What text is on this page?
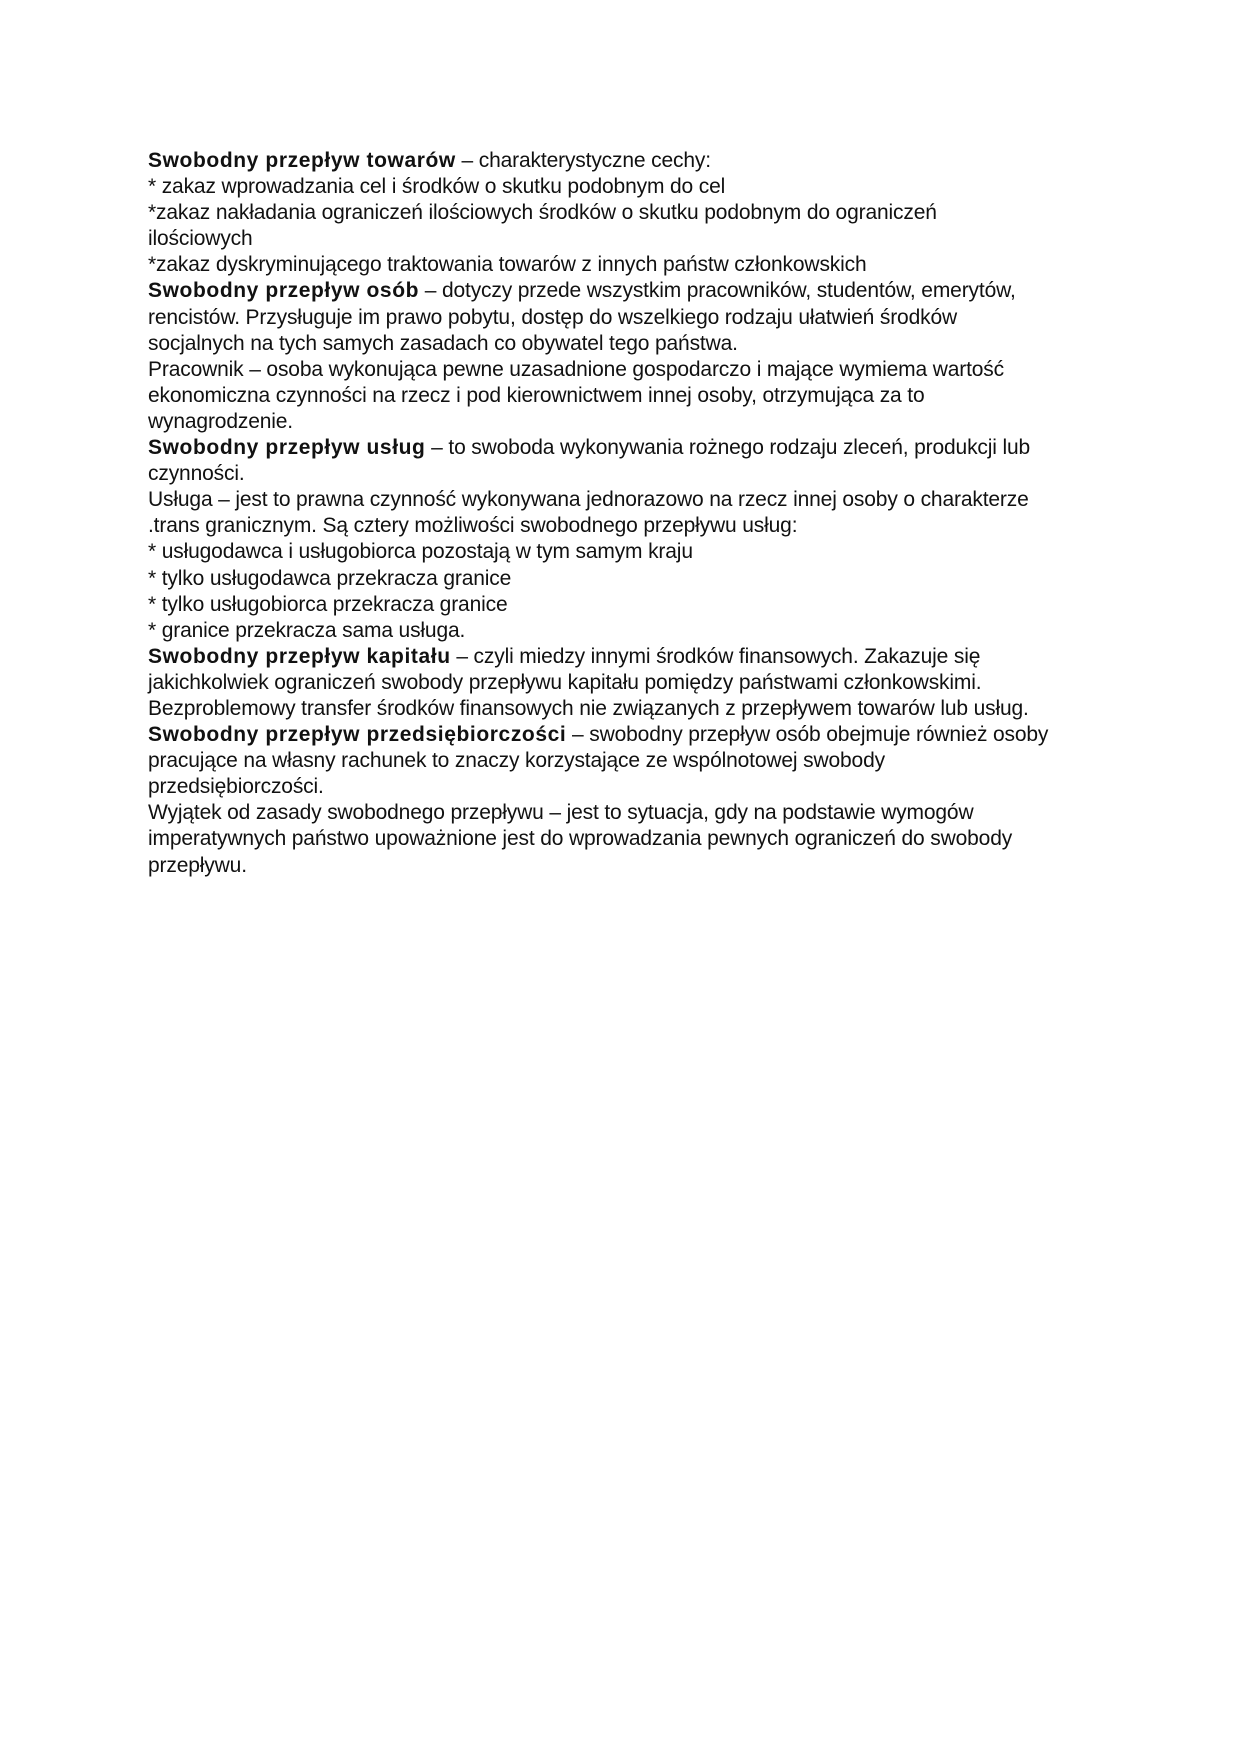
Swobodny przepływ towarów – charakterystyczne cechy:
* zakaz wprowadzania cel i środków o skutku podobnym do cel
*zakaz nakładania ograniczeń ilościowych środków o skutku podobnym do ograniczeń
ilościowych
*zakaz dyskryminującego traktowania towarów z innych państw członkowskich
Swobodny przepływ osób – dotyczy przede wszystkim pracowników, studentów, emerytów,
rencistów. Przysługuje im prawo pobytu, dostęp do wszelkiego rodzaju ułatwień środków
socjalnych na tych samych zasadach co obywatel tego państwa.
Pracownik – osoba wykonująca pewne uzasadnione gospodarczo i mające wymiema wartość
ekonomiczna czynności na rzecz i pod kierownictwem innej osoby, otrzymująca za to
wynagrodzenie.
Swobodny przepływ usług – to swoboda wykonywania rożnego rodzaju zleceń, produkcji lub
czynności.
Usługa – jest to prawna czynność wykonywana jednorazowo na rzecz innej osoby o charakterze
.trans granicznym. Są cztery możliwości swobodnego przepływu usług:
* usługodawca i usługobiorca pozostają w tym samym kraju
* tylko usługodawca przekracza granice
* tylko usługobiorca przekracza granice
* granice przekracza sama usługa.
Swobodny przepływ kapitału – czyli miedzy innymi środków finansowych. Zakazuje się
jakichkolwiek ograniczeń swobody przepływu kapitału pomiędzy państwami członkowskimi.
Bezproblemowy transfer środków finansowych nie związanych z przepływem towarów lub usług.
Swobodny przepływ przedsiębiorczości – swobodny przepływ osób obejmuje również osoby
pracujące na własny rachunek to znaczy korzystające ze wspólnotowej swobody
przedsiębiorczości.
Wyjątek od zasady swobodnego przepływu – jest to sytuacja, gdy na podstawie wymogów
imperatywnych państwo upoważnione jest do wprowadzania pewnych ograniczeń do swobody
przepływu.
